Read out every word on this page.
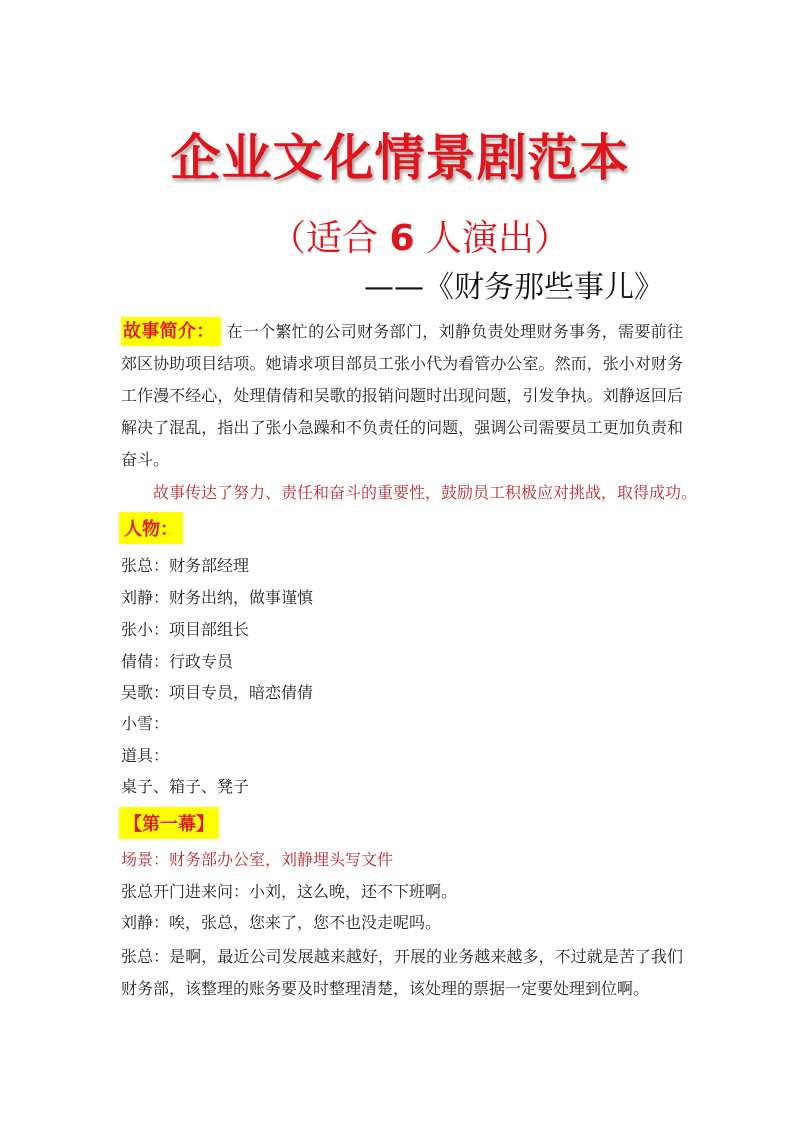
企业文化情景剧范本
（适合 6 人演出）
——《财务那些事儿》
故事简介： 在一个繁忙的公司财务部门，刘静负责处理财务事务，需要前往郊区协助项目结项。她请求项目部员工张小代为看管办公室。然而，张小对财务工作漫不经心，处理倩倩和吴歌的报销问题时出现问题，引发争执。刘静返回后解决了混乱，指出了张小急躁和不负责任的问题，强调公司需要员工更加负责和奋斗。
故事传达了努力、责任和奋斗的重要性，鼓励员工积极应对挑战，取得成功。
人物：
张总：财务部经理
刘静：财务出纳，做事谨慎
张小：项目部组长
倩倩：行政专员
吴歌：项目专员，暗恋倩倩
小雪：
道具：
桌子、箱子、凳子
【第一幕】
场景：财务部办公室，刘静埋头写文件
张总开门进来问：小刘，这么晚，还不下班啊。
刘静：唉，张总，您来了，您不也没走呢吗。
张总：是啊，最近公司发展越来越好，开展的业务越来越多，不过就是苦了我们财务部，该整理的账务要及时整理清楚，该处理的票据一定要处理到位啊。
